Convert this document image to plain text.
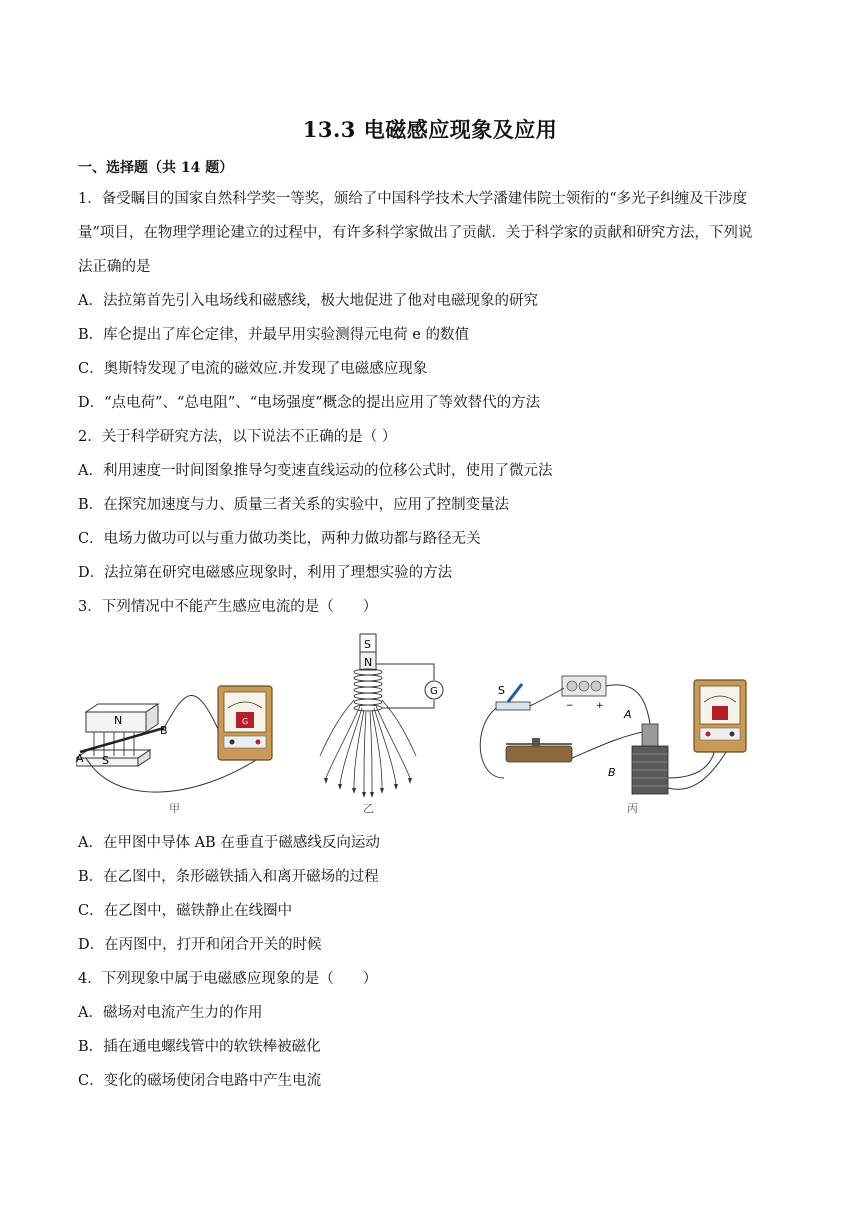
13.3 电磁感应现象及应用
一、选择题（共 14 题）
1．备受瞩目的国家自然科学奖一等奖，颁给了中国科学技术大学潘建伟院士领衔的“多光子纠缠及干涉度
量”项目，在物理学理论建立的过程中，有许多科学家做出了贡献．关于科学家的贡献和研究方法，下列说
法正确的是
A．法拉第首先引入电场线和磁感线，极大地促进了他对电磁现象的研究
B．库仑提出了库仑定律，并最早用实验测得元电荷 e 的数值
C．奥斯特发现了电流的磁效应.并发现了电磁感应现象
D．“点电荷”、“总电阻”、“电场强度”概念的提出应用了等效替代的方法
2．关于科学研究方法，以下说法不正确的是（ ）
A．利用速度一时间图象推导匀变速直线运动的位移公式时，使用了微元法
B．在探究加速度与力、质量三者关系的实验中，应用了控制变量法
C．电场力做功可以与重力做功类比，两种力做功都与路径无关
D．法拉第在研究电磁感应现象时，利用了理想实验的方法
3．下列情况中不能产生感应电流的是（　　）
N
S
A
B
G
S
N
G	S
− +
A
B
甲	乙	丙
A．在甲图中导体 AB 在垂直于磁感线反向运动
B．在乙图中，条形磁铁插入和离开磁场的过程
C．在乙图中，磁铁静止在线圈中
D．在丙图中，打开和闭合开关的时候
4．下列现象中属于电磁感应现象的是（　　）
A．磁场对电流产生力的作用
B．插在通电螺线管中的软铁棒被磁化
C．变化的磁场使闭合电路中产生电流
